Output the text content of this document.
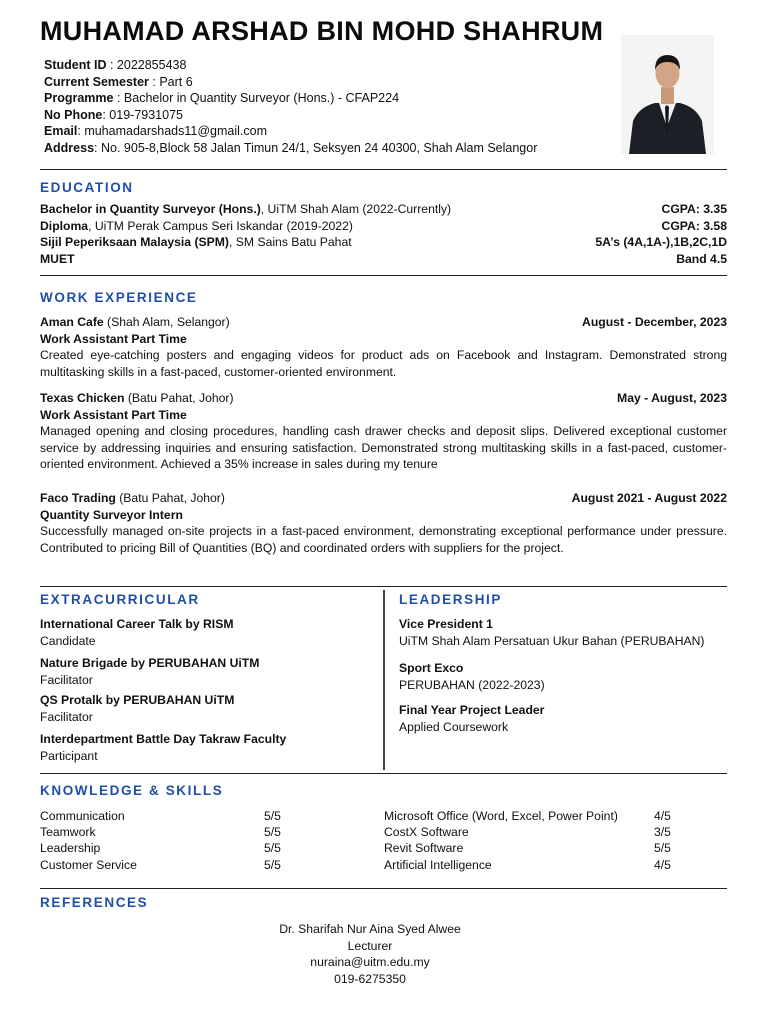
MUHAMAD ARSHAD BIN MOHD SHAHRUM
Student ID : 2022855438
Current Semester : Part 6
Programme : Bachelor in Quantity Surveyor (Hons.) - CFAP224
No Phone: 019-7931075
Email: muhamadarshads11@gmail.com
Address: No. 905-8,Block 58 Jalan Timun 24/1, Seksyen 24 40300, Shah Alam Selangor
EDUCATION
Bachelor in Quantity Surveyor (Hons.), UiTM Shah Alam (2022-Currently)	CGPA: 3.35
Diploma, UiTM Perak Campus Seri Iskandar (2019-2022)	CGPA: 3.58
Sijil Peperiksaan Malaysia (SPM), SM Sains Batu Pahat	5A’s (4A,1A-),1B,2C,1D
MUET	Band 4.5
WORK EXPERIENCE
Aman Cafe (Shah Alam, Selangor)	August - December, 2023
Work Assistant Part Time
Created eye-catching posters and engaging videos for product ads on Facebook and Instagram. Demonstrated strong multitasking skills in a fast-paced, customer-oriented environment.
Texas Chicken (Batu Pahat, Johor)	May - August, 2023
Work Assistant Part Time
Managed opening and closing procedures, handling cash drawer checks and deposit slips. Delivered exceptional customer service by addressing inquiries and ensuring satisfaction. Demonstrated strong multitasking skills in a fast-paced, customer-oriented environment. Achieved a 35% increase in sales during my tenure
Faco Trading (Batu Pahat, Johor)	August 2021 - August 2022
Quantity Surveyor Intern
Successfully managed on-site projects in a fast-paced environment, demonstrating exceptional performance under pressure. Contributed to pricing Bill of Quantities (BQ) and coordinated orders with suppliers for the project.
EXTRACURRICULAR
International Career Talk by RISM
Candidate
Nature Brigade by PERUBAHAN UiTM
Facilitator
QS Protalk by PERUBAHAN UiTM
Facilitator
Interdepartment Battle Day Takraw Faculty
Participant
LEADERSHIP
Vice President 1
UiTM Shah Alam Persatuan Ukur Bahan (PERUBAHAN)
Sport Exco
PERUBAHAN (2022-2023)
Final Year Project Leader
Applied Coursework
KNOWLEDGE & SKILLS
Communication	5/5
Teamwork	5/5
Leadership	5/5
Customer Service	5/5
Microsoft Office (Word, Excel, Power Point)	4/5
CostX Software	3/5
Revit Software	5/5
Artificial Intelligence	4/5
REFERENCES
Dr. Sharifah Nur Aina Syed Alwee
Lecturer
nuraina@uitm.edu.my
019-6275350
